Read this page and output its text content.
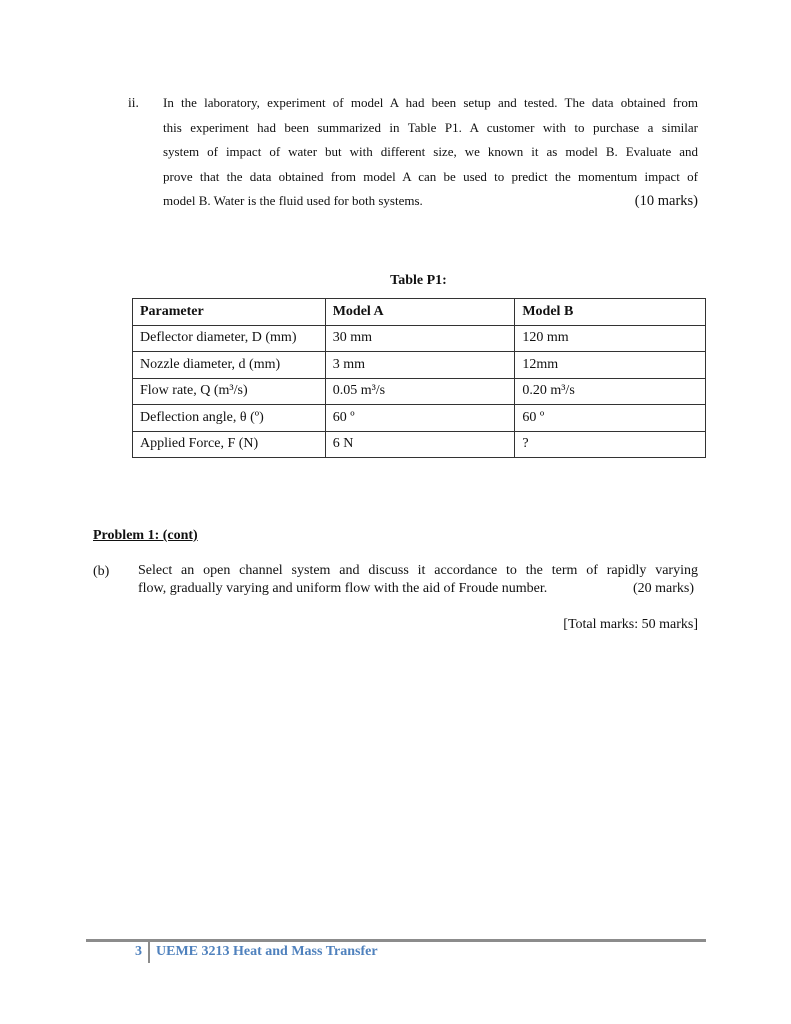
ii. In the laboratory, experiment of model A had been setup and tested. The data obtained from
this experiment had been summarized in Table P1. A customer with to purchase a similar
system of impact of water but with different size, we known it as model B. Evaluate and
prove that the data obtained from model A can be used to predict the momentum impact of

model B. Water is the fluid used for both systems.	(10 marks)

Table P1:
Parameter	Model A	Model B
Deflector diameter, D (mm)	30 mm	120 mm
Nozzle diameter, d (mm)	3 mm	12mm
Flow rate, Q (m³/s)	0.05 m³/s	0.20 m³/s
Deflection angle, θ (º)	60 º	60 º
Applied Force, F (N)	6 N	?
Problem 1: (cont)
(b) Select an open channel system and discuss it accordance to the term of rapidly varying
flow, gradually varying and uniform flow with the aid of Froude number.	(20 marks)
[Total marks: 50 marks]
3	UEME 3213 Heat and Mass Transfer
